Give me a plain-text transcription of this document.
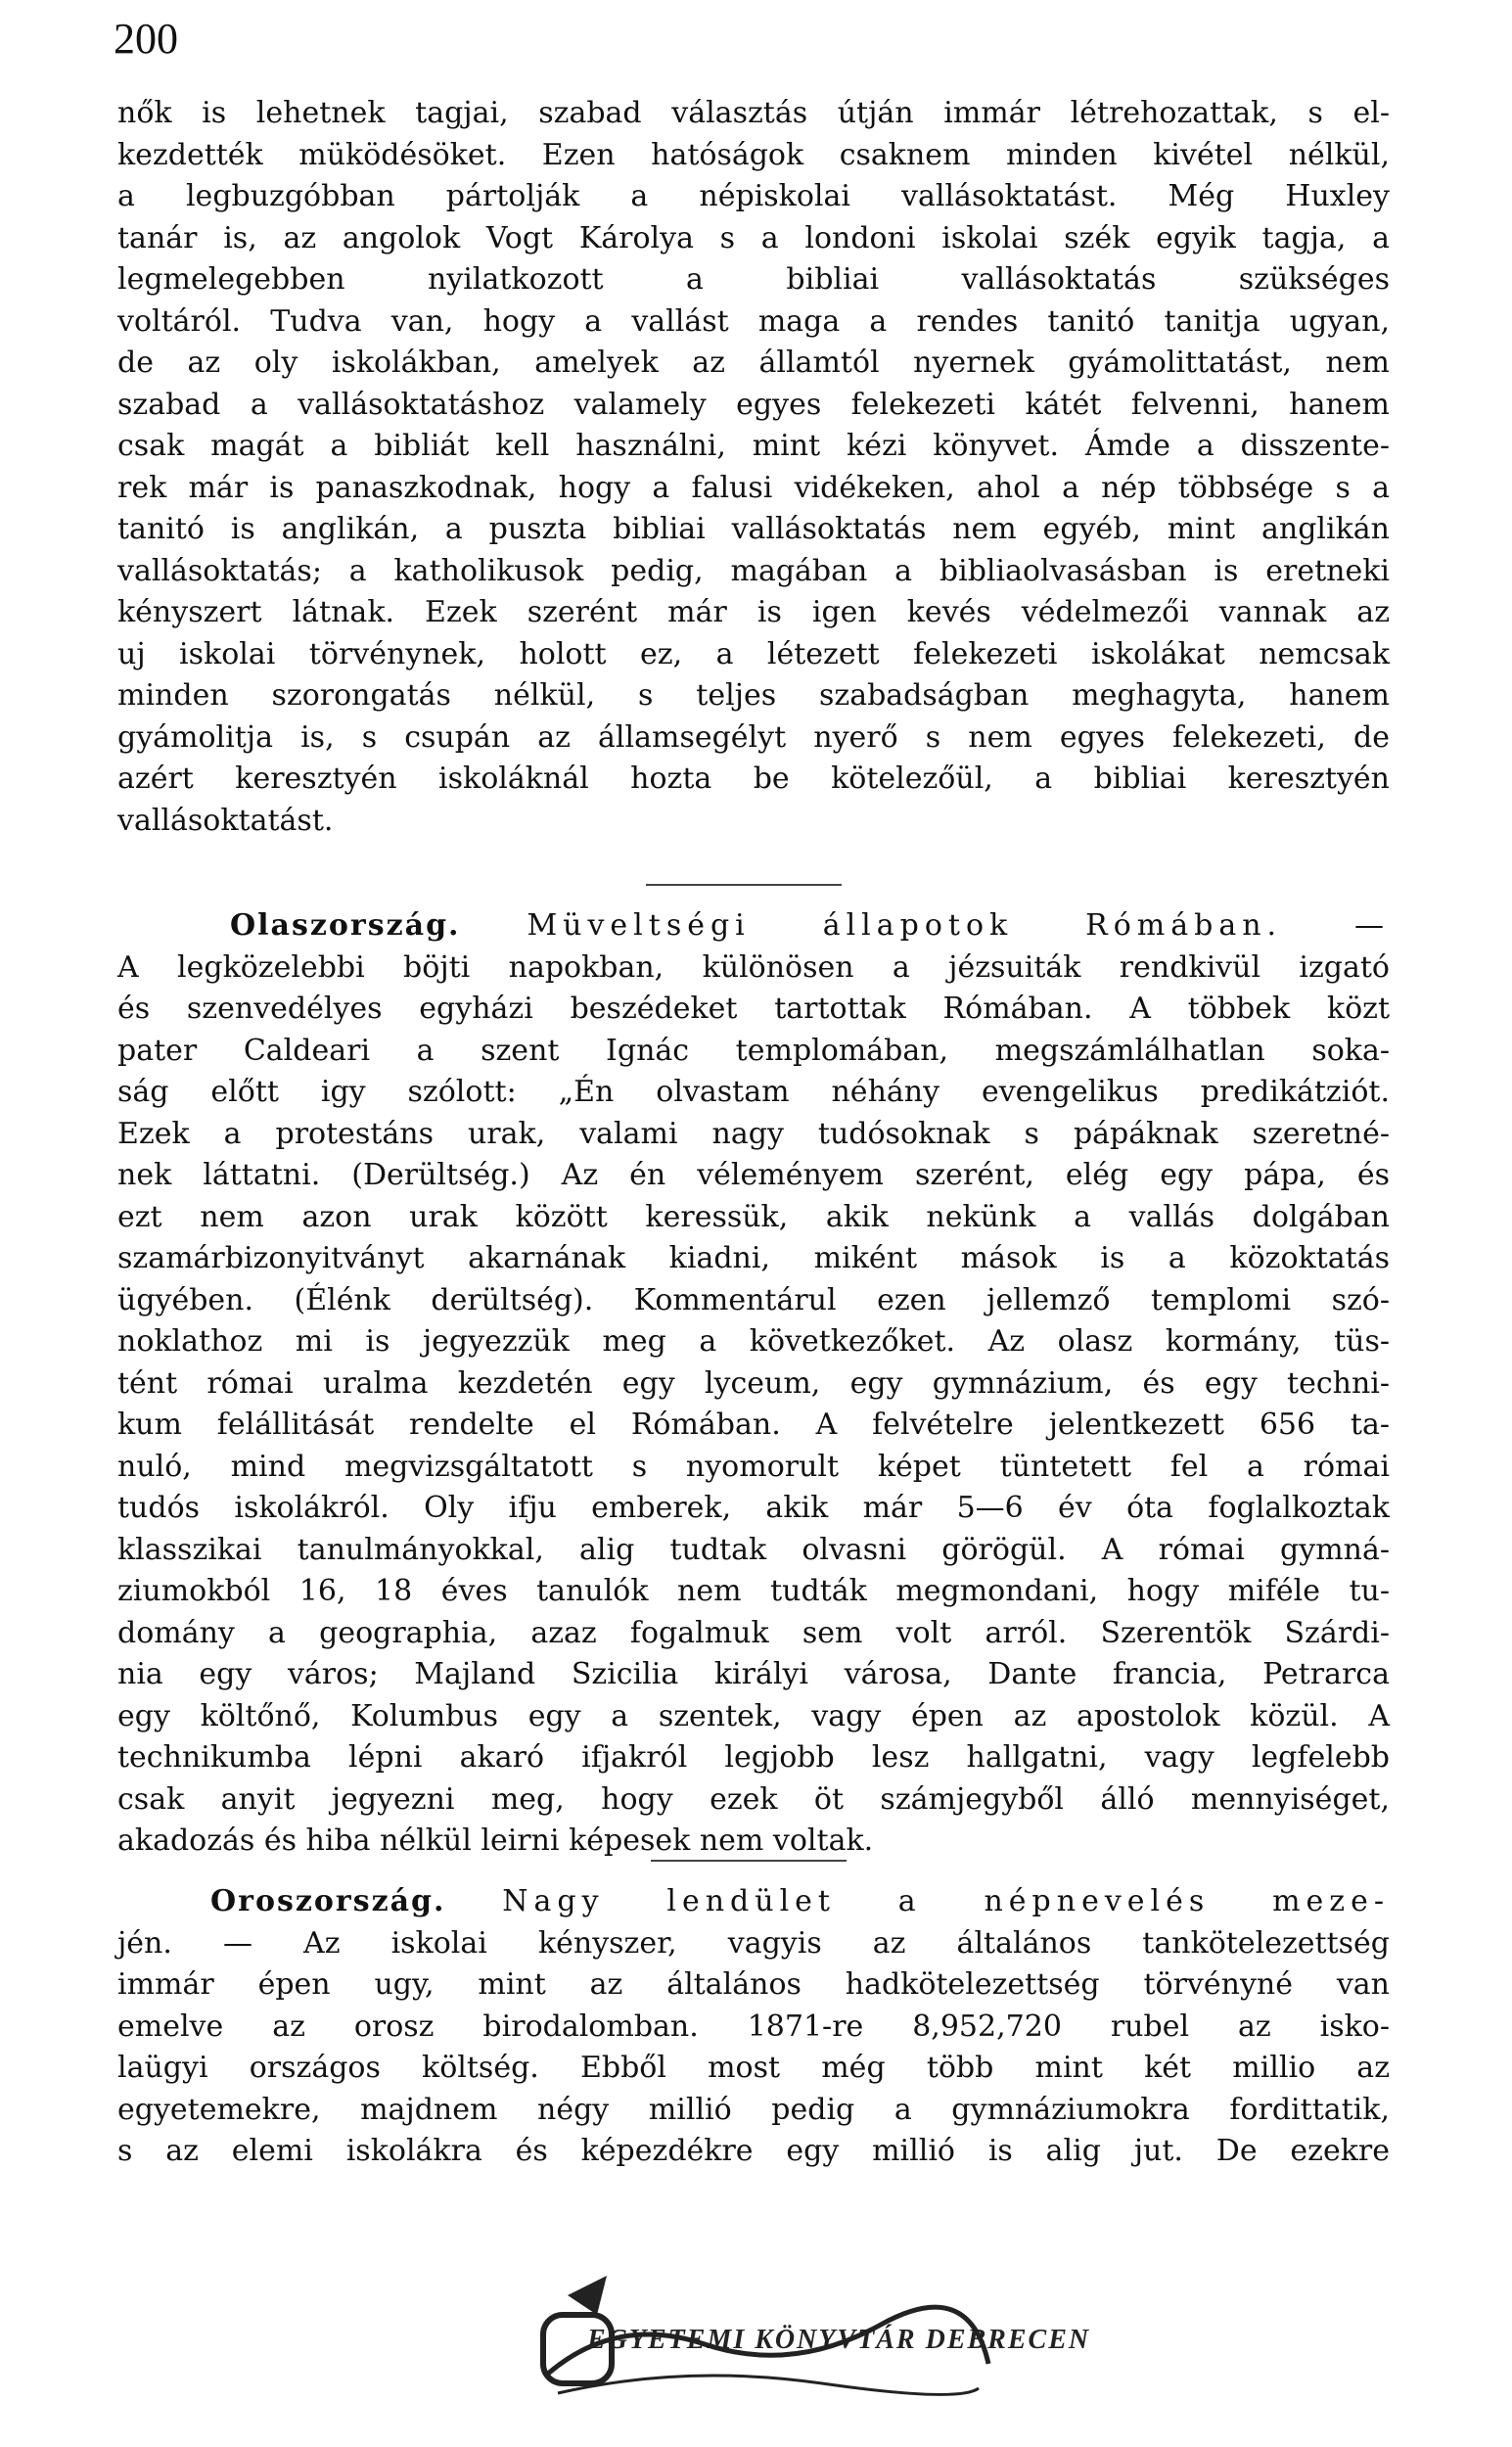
200
nők is lehetnek tagjai, szabad választás útján immár létrehozattak, s el-
kezdették müködésöket. Ezen hatóságok csaknem minden kivétel nélkül,
a legbuzgóbban pártolják a népiskolai vallásoktatást. Még Huxley
tanár is, az angolok Vogt Károlya s a londoni iskolai szék egyik tagja, a
legmelegebben nyilatkozott a bibliai vallásoktatás szükséges
voltáról. Tudva van, hogy a vallást maga a rendes tanitó tanitja ugyan,
de az oly iskolákban, amelyek az államtól nyernek gyámolittatást, nem
szabad a vallásoktatáshoz valamely egyes felekezeti kátét felvenni, hanem
csak magát a bibliát kell használni, mint kézi könyvet. Ámde a disszente-
rek már is panaszkodnak, hogy a falusi vidékeken, ahol a nép többsége s a
tanitó is anglikán, a puszta bibliai vallásoktatás nem egyéb, mint anglikán
vallásoktatás; a katholikusok pedig, magában a bibliaolvasásban is eretneki
kényszert látnak. Ezek szerént már is igen kevés védelmezői vannak az
uj iskolai törvénynek, holott ez, a létezett felekezeti iskolákat nemcsak
minden szorongatás nélkül, s teljes szabadságban meghagyta, hanem
gyámolitja is, s csupán az államsegélyt nyerő s nem egyes felekezeti, de
azért keresztyén iskoláknál hozta be kötelezőül, a bibliai keresztyén
vallásoktatást.
Olaszország. Müveltségi állapotok Rómában. —
A legközelebbi böjti napokban, különösen a jézsuiták rendkivül izgató
és szenvedélyes egyházi beszédeket tartottak Rómában. A többek közt
pater Caldeari a szent Ignác templomában, megszámlálhatlan soka-
ság előtt igy szólott: „Én olvastam néhány evengelikus predikátziót.
Ezek a protestáns urak, valami nagy tudósoknak s pápáknak szeretné-
nek láttatni. (Derültség.) Az én véleményem szerént, elég egy pápa, és
ezt nem azon urak között keressük, akik nekünk a vallás dolgában
szamárbizonyitványt akarnának kiadni, miként mások is a közoktatás
ügyében. (Élénk derültség). Kommentárul ezen jellemző templomi szó-
noklathoz mi is jegyezzük meg a következőket. Az olasz kormány, tüs-
tént római uralma kezdetén egy lyceum, egy gymnázium, és egy techni-
kum felállitását rendelte el Rómában. A felvételre jelentkezett 656 ta-
nuló, mind megvizsgáltatott s nyomorult képet tüntetett fel a római
tudós iskolákról. Oly ifju emberek, akik már 5—6 év óta foglalkoztak
klasszikai tanulmányokkal, alig tudtak olvasni görögül. A római gymná-
ziumokból 16, 18 éves tanulók nem tudták megmondani, hogy miféle tu-
domány a geographia, azaz fogalmuk sem volt arról. Szerentök Szárdi-
nia egy város; Majland Szicilia királyi városa, Dante francia, Petrarca
egy költőnő, Kolumbus egy a szentek, vagy épen az apostolok közül. A
technikumba lépni akaró ifjakról legjobb lesz hallgatni, vagy legfelebb
csak anyit jegyezni meg, hogy ezek öt számjegyből álló mennyiséget,
akadozás és hiba nélkül leirni képesek nem voltak.
Oroszország. Nagy lendület a népnevelés meze-
jén. — Az iskolai kényszer, vagyis az általános tankötelezettség
immár épen ugy, mint az általános hadkötelezettség törvényné van
emelve az orosz birodalomban. 1871-re 8,952,720 rubel az isko-
laügyi országos költség. Ebből most még több mint két millio az
egyetemekre, majdnem négy millió pedig a gymnáziumokra fordittatik,
s az elemi iskolákra és képezdékre egy millió is alig jut. De ezekre
EGYETEMI KÖNYVTÁR DEBRECEN
